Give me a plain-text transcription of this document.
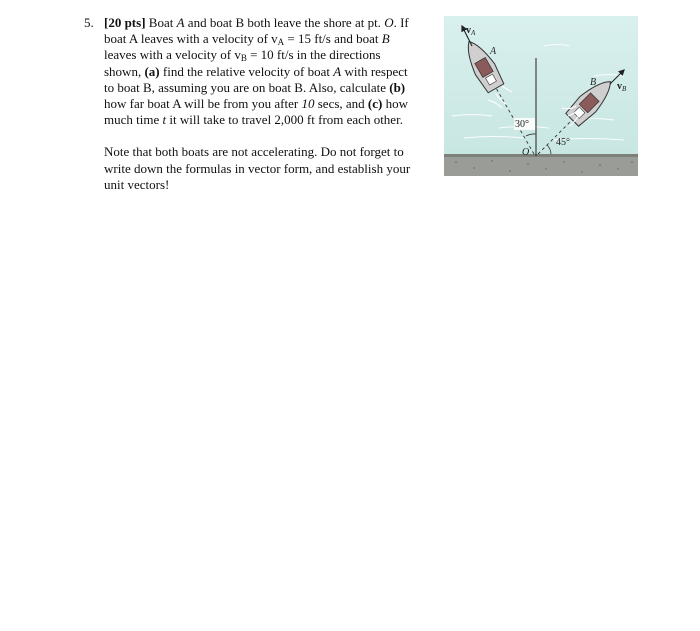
5. [20 pts] Boat A and boat B both leave the shore at pt. O. If
boat A leaves with a velocity of $v_A = 15$ ft/s and boat B
leaves with a velocity of $v_B = 10$ ft/s in the directions
shown, (a) find the relative velocity of boat A with respect
to boat B, assuming you are on boat B. Also, calculate (b)
how far boat A will be from you after 10 secs, and (c) how
much time t it will take to travel 2,000 ft from each other.
Note that both boats are not accelerating. Do not forget to
write down the formulas in vector form, and establish your
unit vectors!
$v_A$
A
B $v_B$
30°
45°
O
